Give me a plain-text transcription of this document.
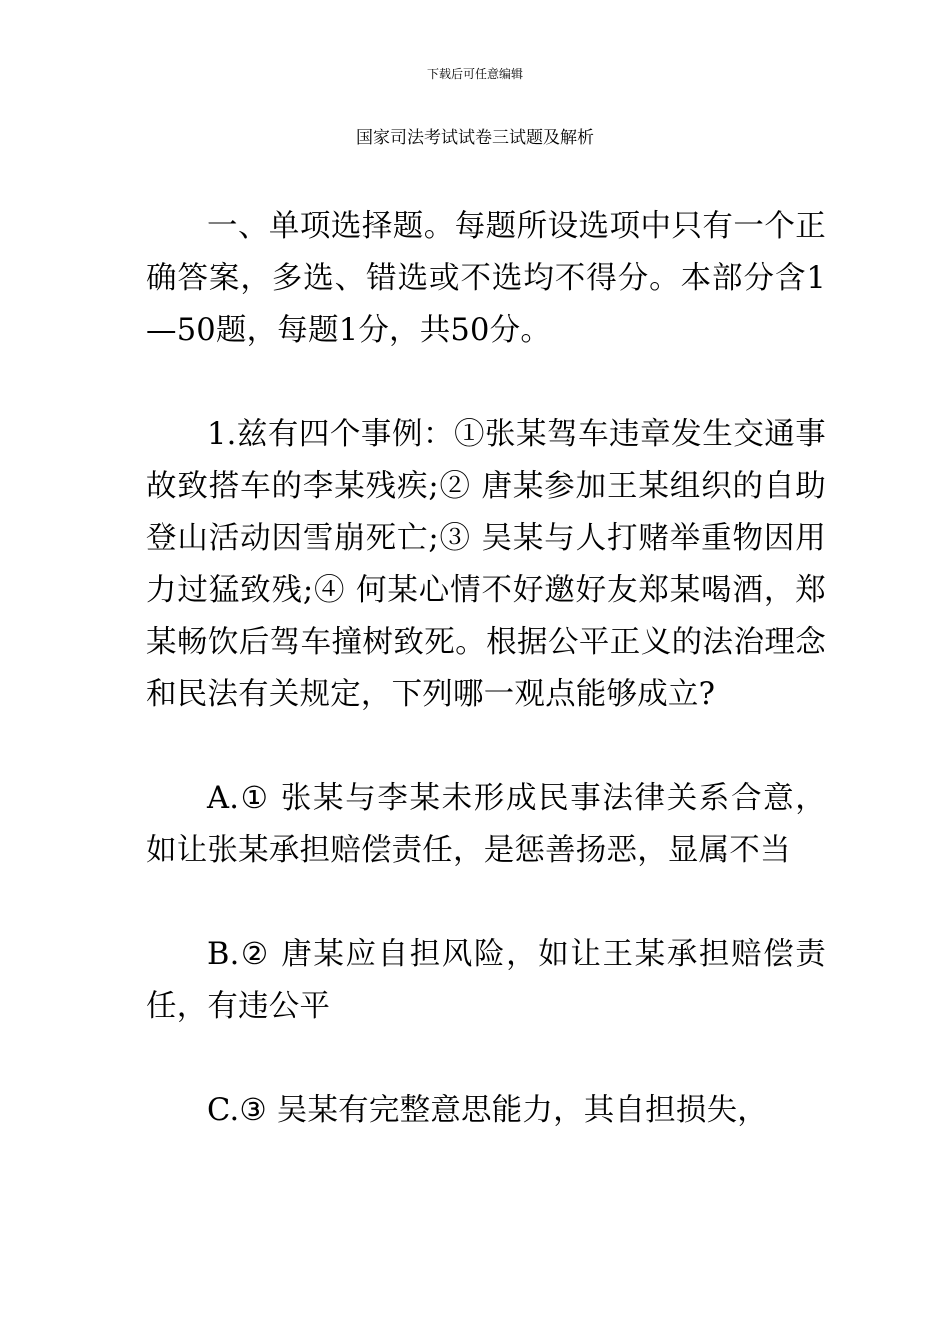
下载后可任意编辑
国家司法考试试卷三试题及解析

一、单项选择题。每题所设选项中只有一个正确答案，多选、错选或不选均不得分。本部分含1—50题，每题1分，共50分。

1.兹有四个事例：①张某驾车违章发生交通事故致搭车的李某残疾;② 唐某参加王某组织的自助登山活动因雪崩死亡;③ 吴某与人打赌举重物因用力过猛致残;④ 何某心情不好邀好友郑某喝酒，郑某畅饮后驾车撞树致死。根据公平正义的法治理念和民法有关规定，下列哪一观点能够成立?

A.① 张某与李某未形成民事法律关系合意，如让张某承担赔偿责任，是惩善扬恶，显属不当

B.② 唐某应自担风险，如让王某承担赔偿责任，有违公平

C.③ 吴某有完整意思能力，其自担损失，
